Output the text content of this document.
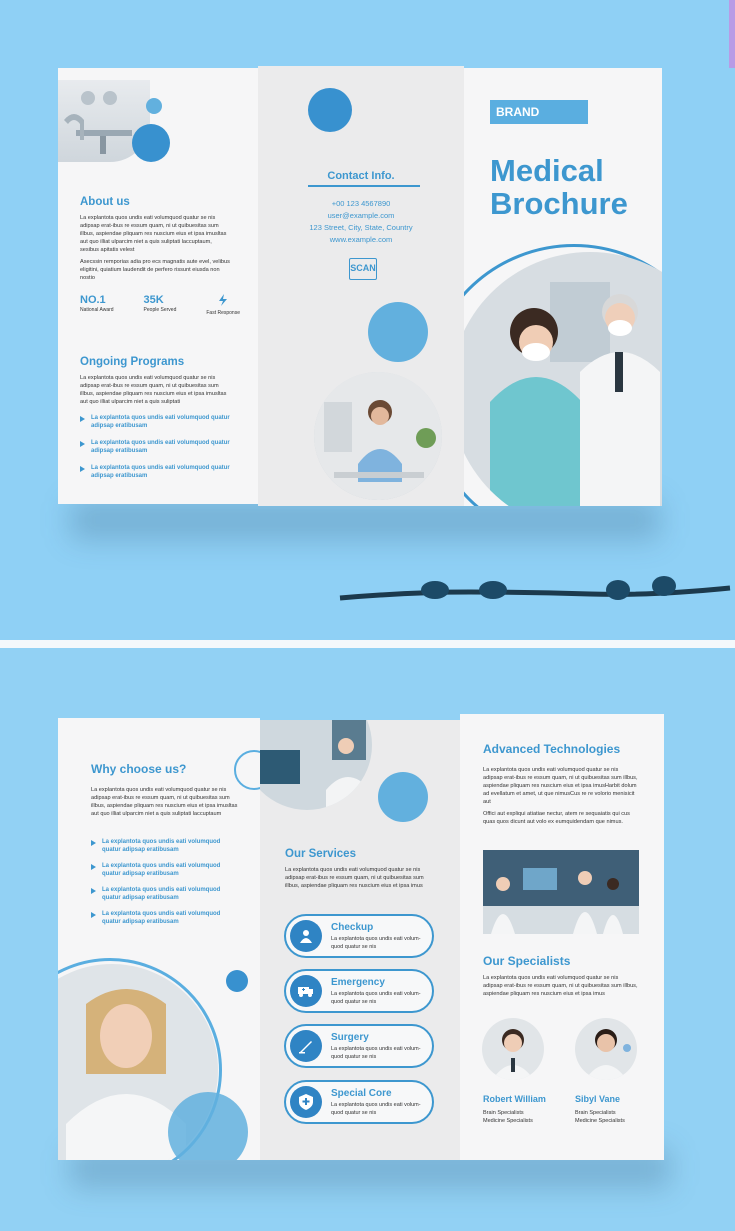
About us
La explantota quos undis eati volumquod quatur se nis adipsap erat-ibus re essum quam, ni ut quibuesitas sum illbus, aspiendae pliquam res nuscium eius et ipsa imusltas aut quo illiat ulparcim niet a quis suliptati laccuptaum, sesibus apitatis velest
Asecssin remporias adia pro ecs magnatis aute evel, velibus eligitini, quiatium laudendit de perfero rissunt eiusda non nostio
NO.1
National Award
35K
People Served	Fast Response
Ongoing Programs
La explantota quos undis eati volumquod quatur se nis adipsap erat-ibus re essum quam, ni ut quibuesitas sum illbus, aspiendae pliquam res nuscium eius et ipsa imusltas aut quo illiat ulparcim niet a quis suliptati
La explantota quos undis eati volumquod quatur adipsap eratibusam
La explantota quos undis eati volumquod quatur adipsap eratibusam
La explantota quos undis eati volumquod quatur adipsap eratibusam
Contact Info.
+00 123 4567890
user@example.com
123 Street, City, State, Country
www.example.com
SCAN
BRAND
Medical
Brochure
Why choose us?
La explantota quos undis eati volumquod quatur se nis adipsap erat-ibus re essum quam, ni ut quibuesitas sum illbus, aspiendae pliquam res nuscium eius et ipsa imusltas aut quo illiat ulparcim niet a quis suliptati laccuptaum
La explantota quos undis eati volumquod quatur adipsap eratibusam
La explantota quos undis eati volumquod quatur adipsap eratibusam
La explantota quos undis eati volumquod quatur adipsap eratibusam
La explantota quos undis eati volumquod quatur adipsap eratibusam
Our Services
La explantota quos undis eati volumquod quatur se nis adipsap erat-ibus re essum quam, ni ut quibuesitas sum illbus, aspiendae pliquam res nuscium eius et ipsa imus
Checkup
La explantota quos undis eati volum-quod quatur se nis
Emergency
La explantota quos undis eati volum-quod quatur se nis
Surgery
La explantota quos undis eati volum-quod quatur se nis
Special Core
La explantota quos undis eati volum-quod quatur se nis
Advanced Technologies
La explantota quos undis eati volumquod quatur se nis adipsap erat-ibus re essum quam, ni ut quibuesitas sum illbus, aspiendae pliquam res nuscium eius et ipsa imusHarbit dolum ad evellatum et amet, ut que nimusCus re re volorio menisicit aut
Offici aut expliqui atiatiae nectur, atem re sequaiatis qui cus quas quos dicunt aut volo ex eumquidendam que nimus.
Our Specialists
La explantota quos undis eati volumquod quatur se nis adipsap erat-ibus re essum quam, ni ut quibuesitas sum illbus, aspiendae pliquam res nuscium eius et ipsa imus
Robert William
Brain Specialists
Medicine Specialists
Sibyl Vane
Brain Specialists
Medicine Specialists
